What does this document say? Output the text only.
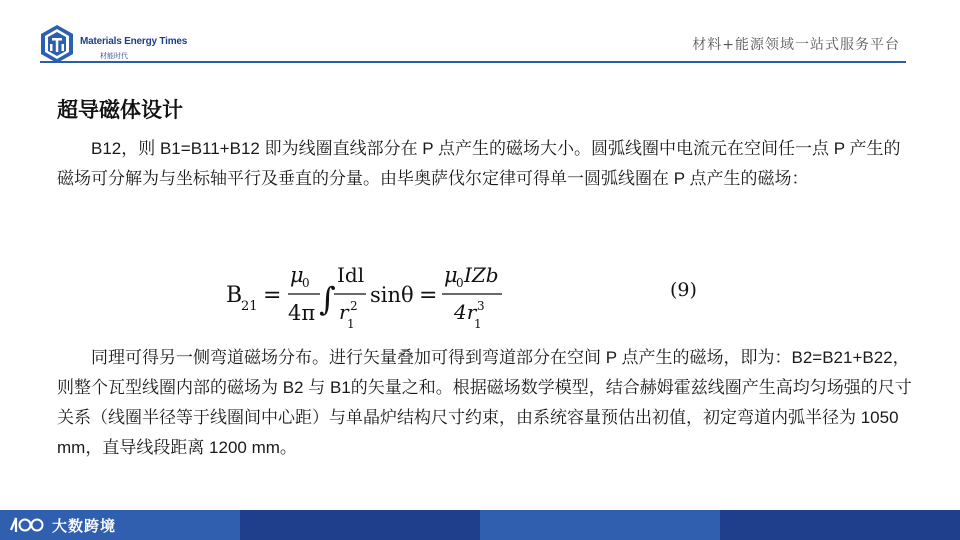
Materials Energy Times
材能时代
材料+能源领域一站式服务平台
超导磁体设计

B12，则 B1=B11+B12 即为线圈直线部分在 P 点产生的磁场大小。圆弧线圈中电流元在空间任一点 P 产生的磁场可分解为与坐标轴平行及垂直的分量。由毕奥萨伐尔定律可得单一圆弧线圈在 P 点产生的磁场：

B
21 =
μ
0
4π ∫
Idl
r 2
1
sinθ =
μ
0 IZb
4r 3
1
(9)

同理可得另一侧弯道磁场分布。进行矢量叠加可得到弯道部分在空间 P 点产生的磁场，即为：B2=B21+B22，则整个瓦型线圈内部的磁场为 B2 与 B1的矢量之和。根据磁场数学模型，结合赫姆霍兹线圈产生高均匀场强的尺寸关系（线圈半径等于线圈间中心距）与单晶炉结构尺寸约束，由系统容量预估出初值，初定弯道内弧半径为 1050 mm，直导线段距离 1200 mm。

大数跨境
